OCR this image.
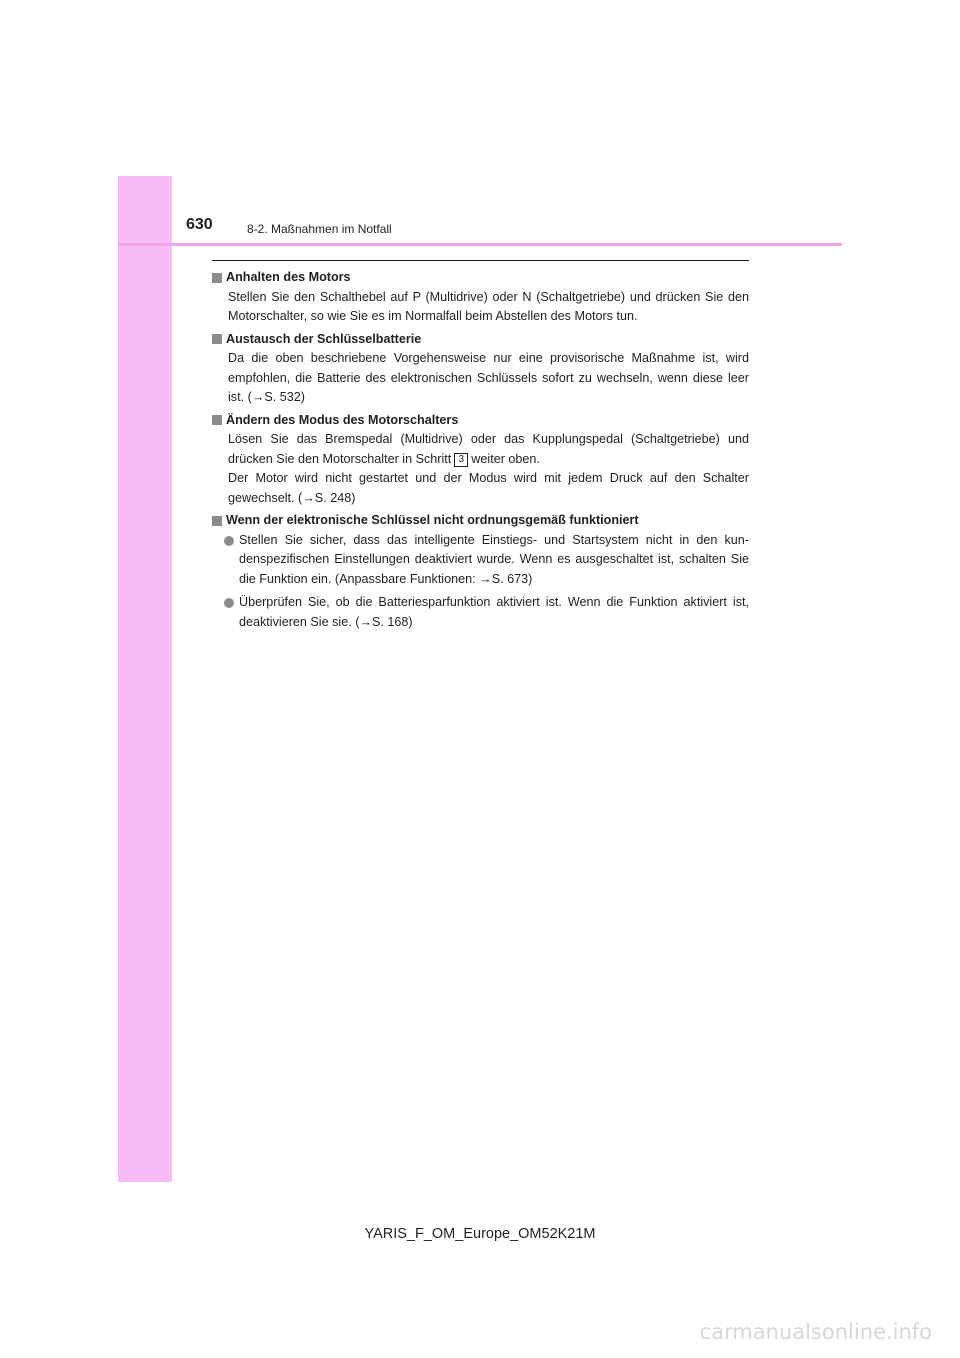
630	8-2. Maßnahmen im Notfall
Anhalten des Motors
Stellen Sie den Schalthebel auf P (Multidrive) oder N (Schaltgetriebe) und drücken Sie den Motorschalter, so wie Sie es im Normalfall beim Abstellen des Motors tun.
Austausch der Schlüsselbatterie
Da die oben beschriebene Vorgehensweise nur eine provisorische Maßnahme ist, wird empfohlen, die Batterie des elektronischen Schlüssels sofort zu wechseln, wenn diese leer ist. (→S. 532)
Ändern des Modus des Motorschalters
Lösen Sie das Bremspedal (Multidrive) oder das Kupplungspedal (Schaltgetriebe) und drücken Sie den Motorschalter in Schritt 3 weiter oben.
Der Motor wird nicht gestartet und der Modus wird mit jedem Druck auf den Schalter gewechselt. (→S. 248)
Wenn der elektronische Schlüssel nicht ordnungsgemäß funktioniert
Stellen Sie sicher, dass das intelligente Einstiegs- und Startsystem nicht in den kundenspezifischen Einstellungen deaktiviert wurde. Wenn es ausgeschaltet ist, schalten Sie die Funktion ein. (Anpassbare Funktionen: →S. 673)
Überprüfen Sie, ob die Batteriesparfunktion aktiviert ist. Wenn die Funktion aktiviert ist, deaktivieren Sie sie. (→S. 168)
YARIS_F_OM_Europe_OM52K21M
carmanualsonline.info
